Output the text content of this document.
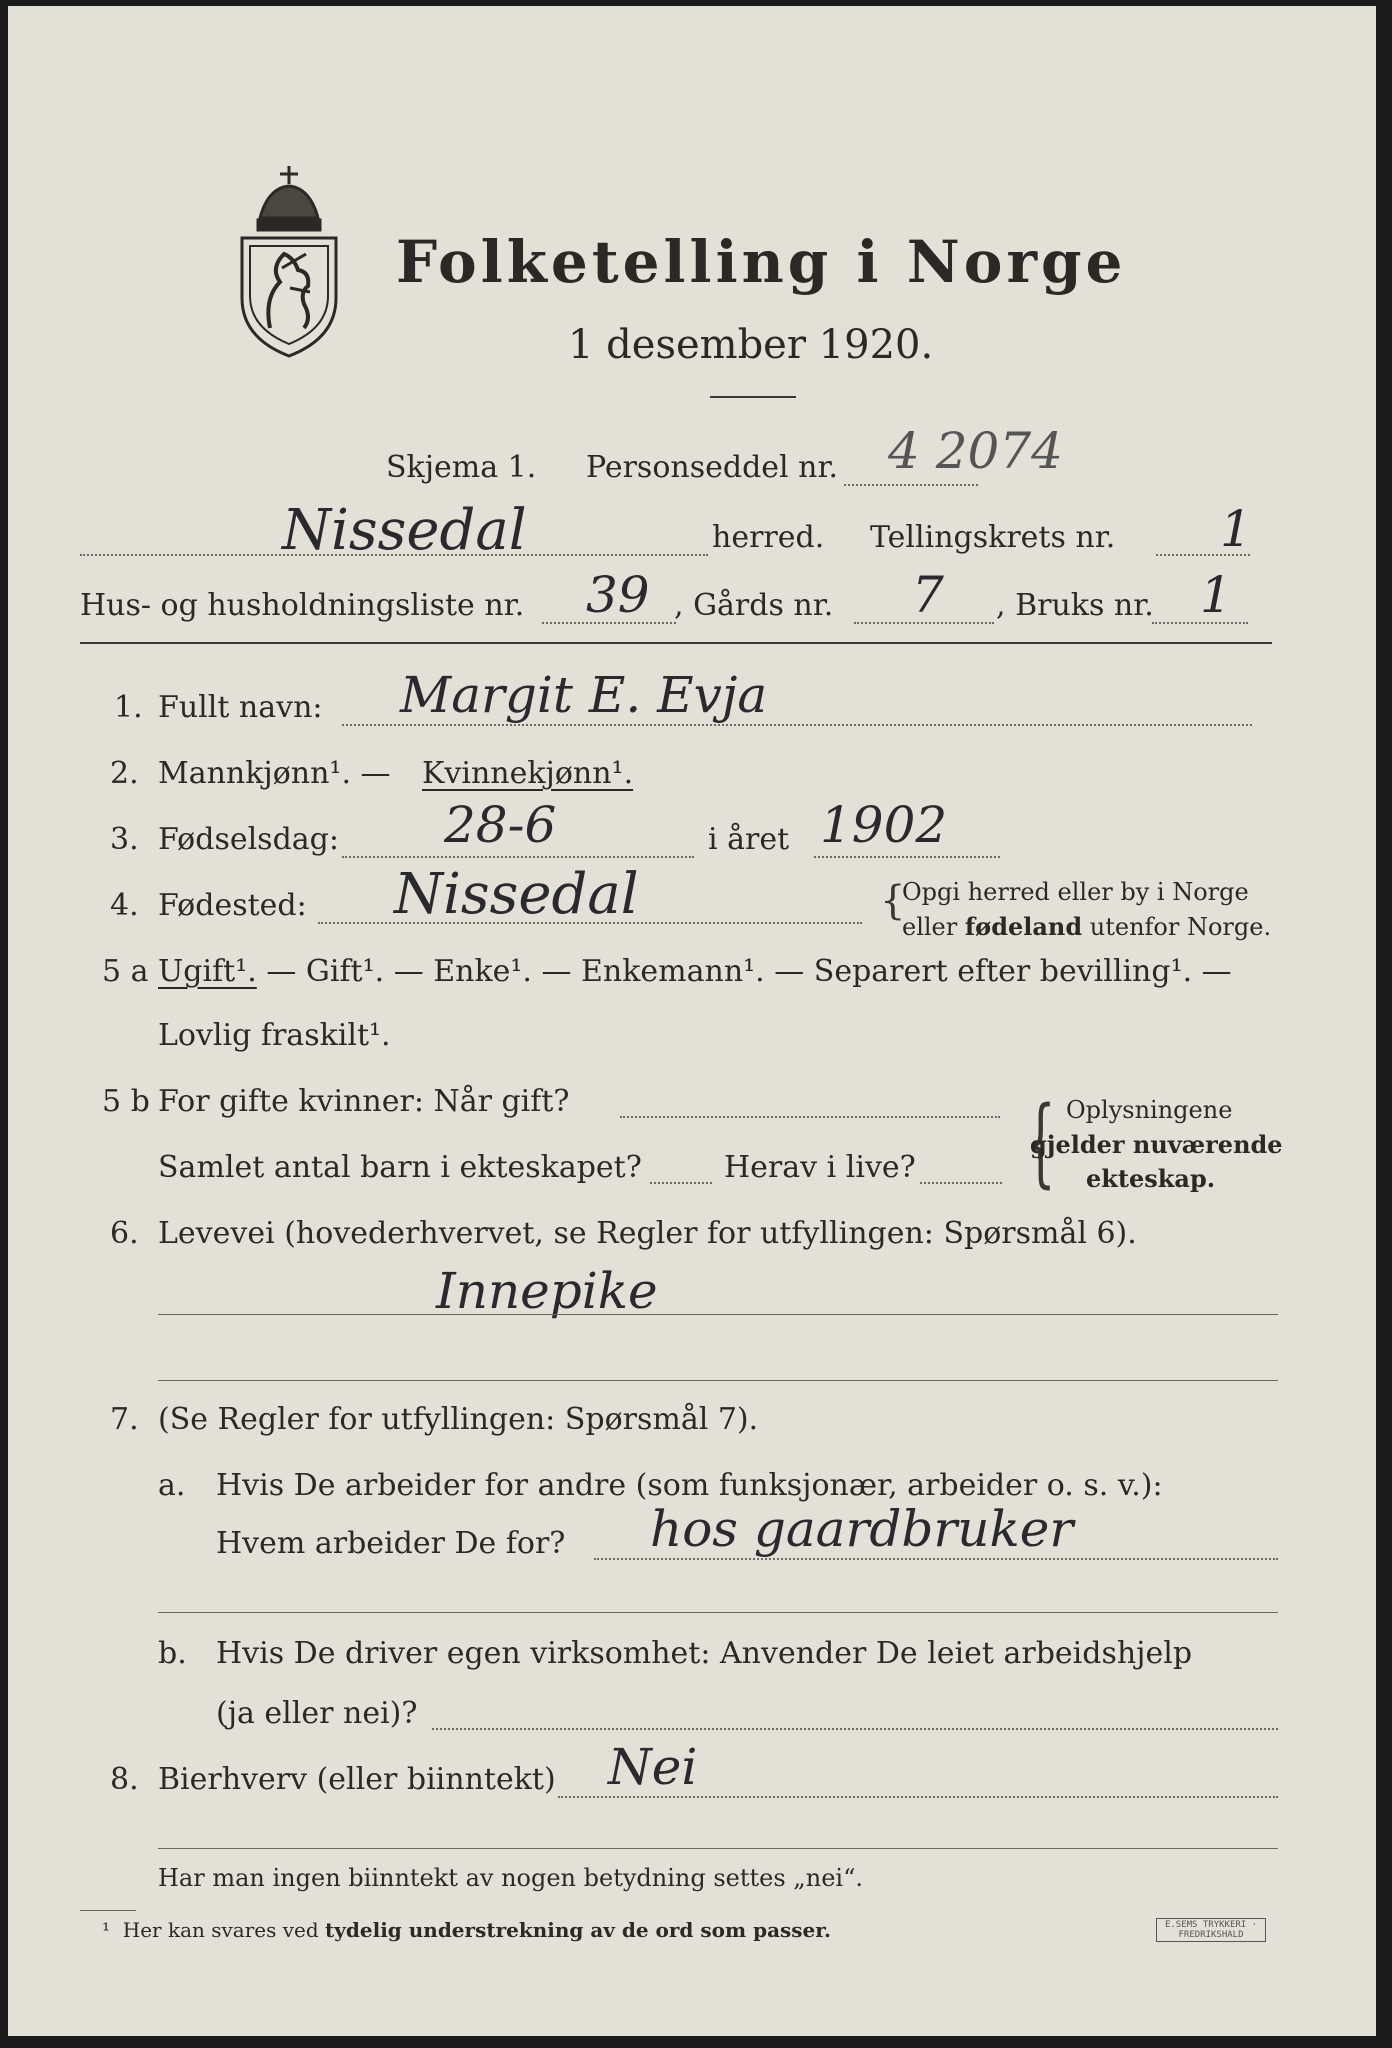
Folketelling i Norge
1 desember 1920.
Skjema 1. Personseddel nr. 4 2074
Nissedal	herred. Tellingskrets nr. 1
Hus- og husholdningsliste nr. 39 , Gårds nr. 7 , Bruks nr. 1
1. Fullt navn: Margit E. Evja
2. Mannkjønn¹. — Kvinnekjønn¹.
3. Fødselsdag: 28-6	i året 1902
4. Fødested: Nissedal	{
Opgi herred eller by i Norge
eller fødeland utenfor Norge.
5 a Ugift¹. — Gift¹. — Enke¹. — Enkemann¹. — Separert efter bevilling¹. —
Lovlig fraskilt¹.
5 b For gifte kvinner: Når gift?
Samlet antal barn i ekteskapet?	Herav i live? { Oplysningene
gjelder nuværende
ekteskap.
6. Levevei (hovederhvervet, se Regler for utfyllingen: Spørsmål 6).
Innepike
7. (Se Regler for utfyllingen: Spørsmål 7).
a. Hvis De arbeider for andre (som funksjonær, arbeider o. s. v.):
Hvem arbeider De for? hos gaardbruker
b. Hvis De driver egen virksomhet: Anvender De leiet arbeidshjelp
(ja eller nei)?
8. Bierhverv (eller biinntekt) Nei
Har man ingen biinntekt av nogen betydning settes „nei“.
¹ Her kan svares ved tydelig understrekning av de ord som passer.	E.SEMS TRYKKERI · FREDRIKSHALD
